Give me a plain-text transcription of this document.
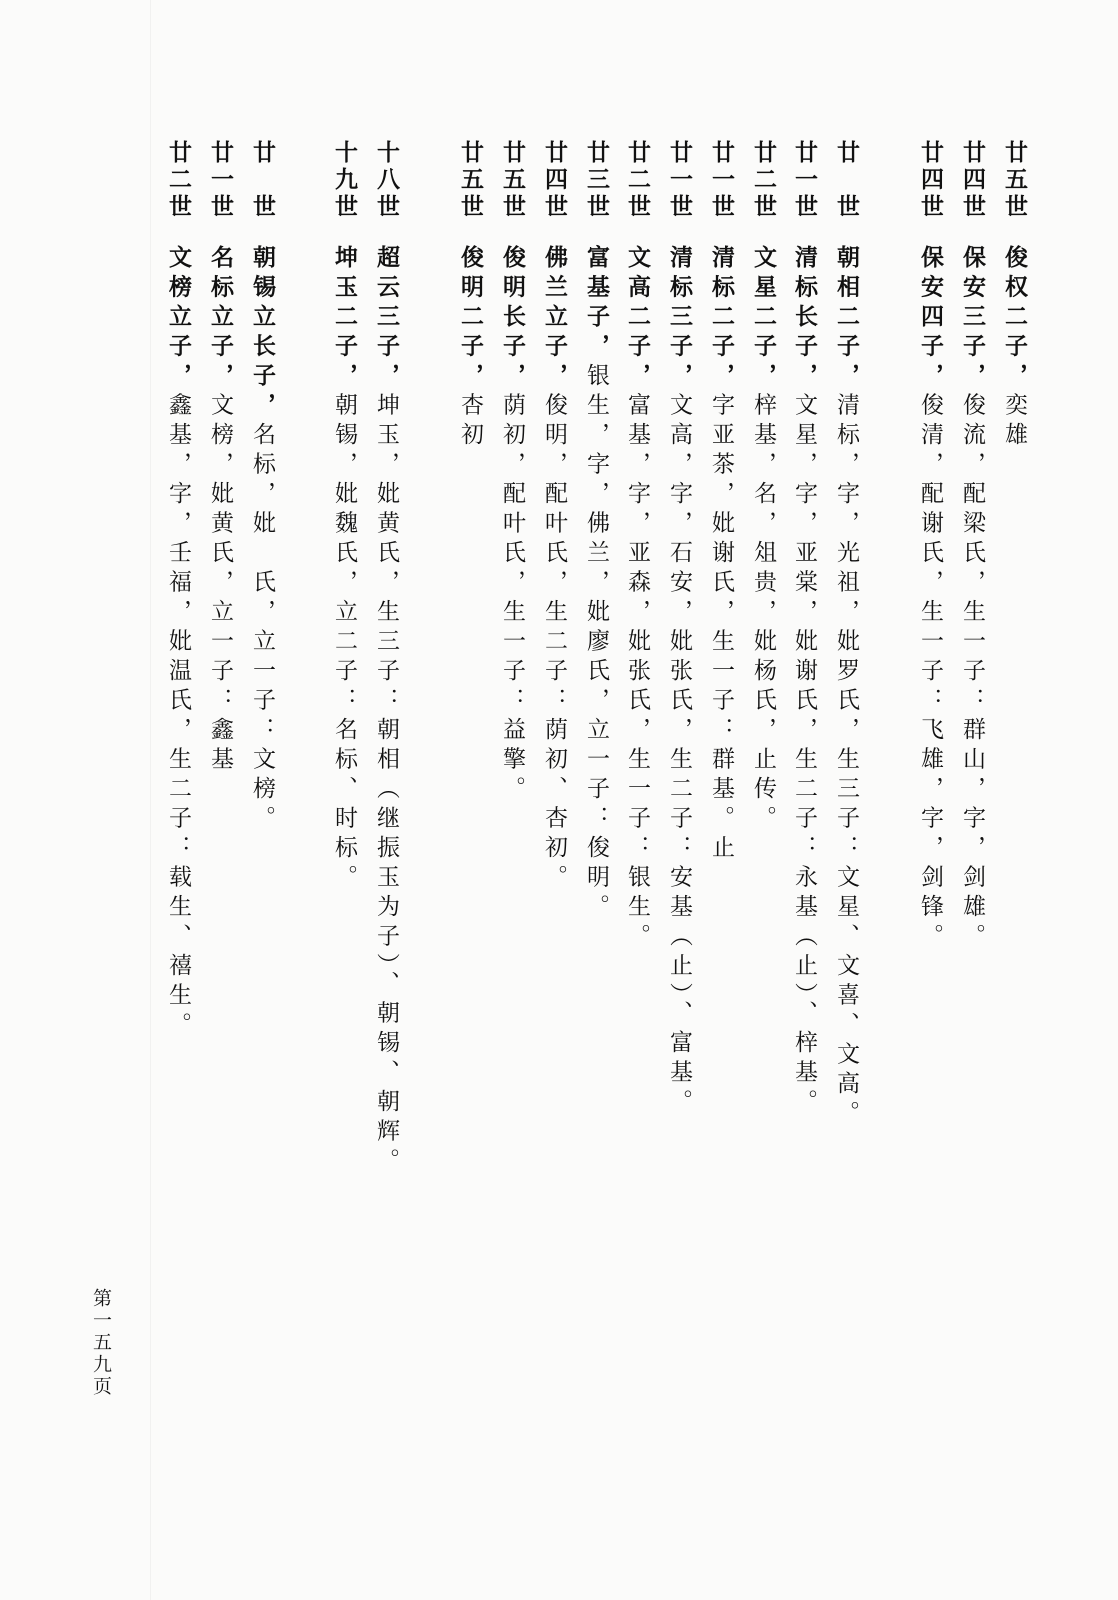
廿五世俊权二子，奕雄
廿四世保安三子，俊流，配梁氏，生一子：群山，字，剑雄。
廿四世保安四子，俊清，配谢氏，生一子：飞雄，字，剑锋。
廿　世朝相二子，清标，字，光祖，妣罗氏，生三子：文星、文喜、文高。
廿一世清标长子，文星，字，亚棠，妣谢氏，生二子：永基（止）、梓基。
廿二世文星二子，梓基，名，俎贵，妣杨氏，止传。
廿一世清标二子，字亚茶，妣谢氏，生一子：群基。止
廿一世清标三子，文高，字，石安，妣张氏，生二子：安基（止）、富基。
廿二世文高二子，富基，字，亚森，妣张氏，生一子：银生。
廿三世富基子，银生，字，佛兰，妣廖氏，立一子：俊明。
廿四世佛兰立子，俊明，配叶氏，生二子：荫初、杏初。
廿五世俊明长子，荫初，配叶氏，生一子：益擎。
廿五世俊明二子，杏初
十八世超云三子，坤玉，妣黄氏，生三子：朝相（继振玉为子）、朝锡、朝辉。
十九世坤玉二子，朝锡，妣魏氏，立二子：名标、时标。
廿　世朝锡立长子，名标，妣　氏，立一子：文榜。
廿一世名标立子，文榜，妣黄氏，立一子：鑫基
廿二世文榜立子，鑫基，字，壬福，妣温氏，生二子：载生、禧生。
第一五九页
